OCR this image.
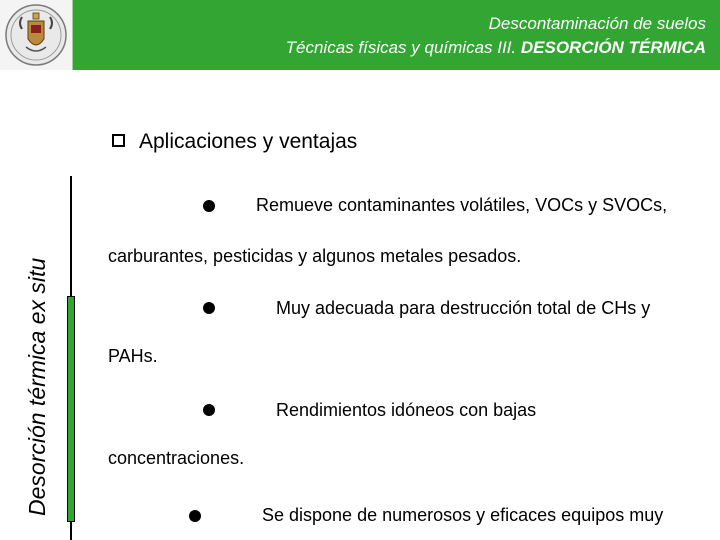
Descontaminación de suelos
Técnicas físicas y químicas III. DESORCIÓN TÉRMICA
Desorción térmica ex situ
Aplicaciones y ventajas
Remueve contaminantes volátiles, VOCs y SVOCs,
carburantes, pesticidas y algunos metales pesados.
Muy adecuada para destrucción total de CHs y
PAHs.
Rendimientos idóneos con bajas
concentraciones.
Se dispone de numerosos y eficaces equipos muy
